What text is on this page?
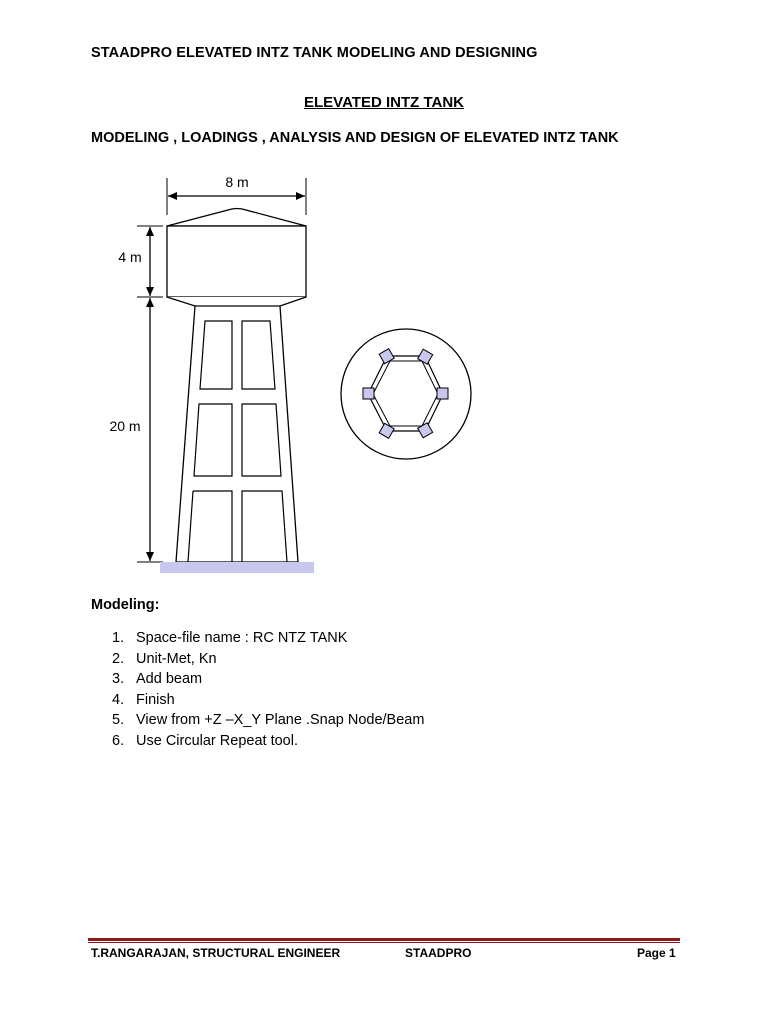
STAADPRO ELEVATED INTZ TANK MODELING AND DESIGNING
ELEVATED INTZ TANK
MODELING , LOADINGS , ANALYSIS AND DESIGN OF ELEVATED INTZ TANK
8 m
4 m
20 m
Modeling:
1. Space-file name : RC NTZ TANK
2. Unit-Met, Kn
3. Add beam
4. Finish
5. View from +Z –X_Y Plane .Snap Node/Beam
6. Use Circular Repeat tool.
T.RANGARAJAN, STRUCTURAL ENGINEER	STAADPRO	Page 1
